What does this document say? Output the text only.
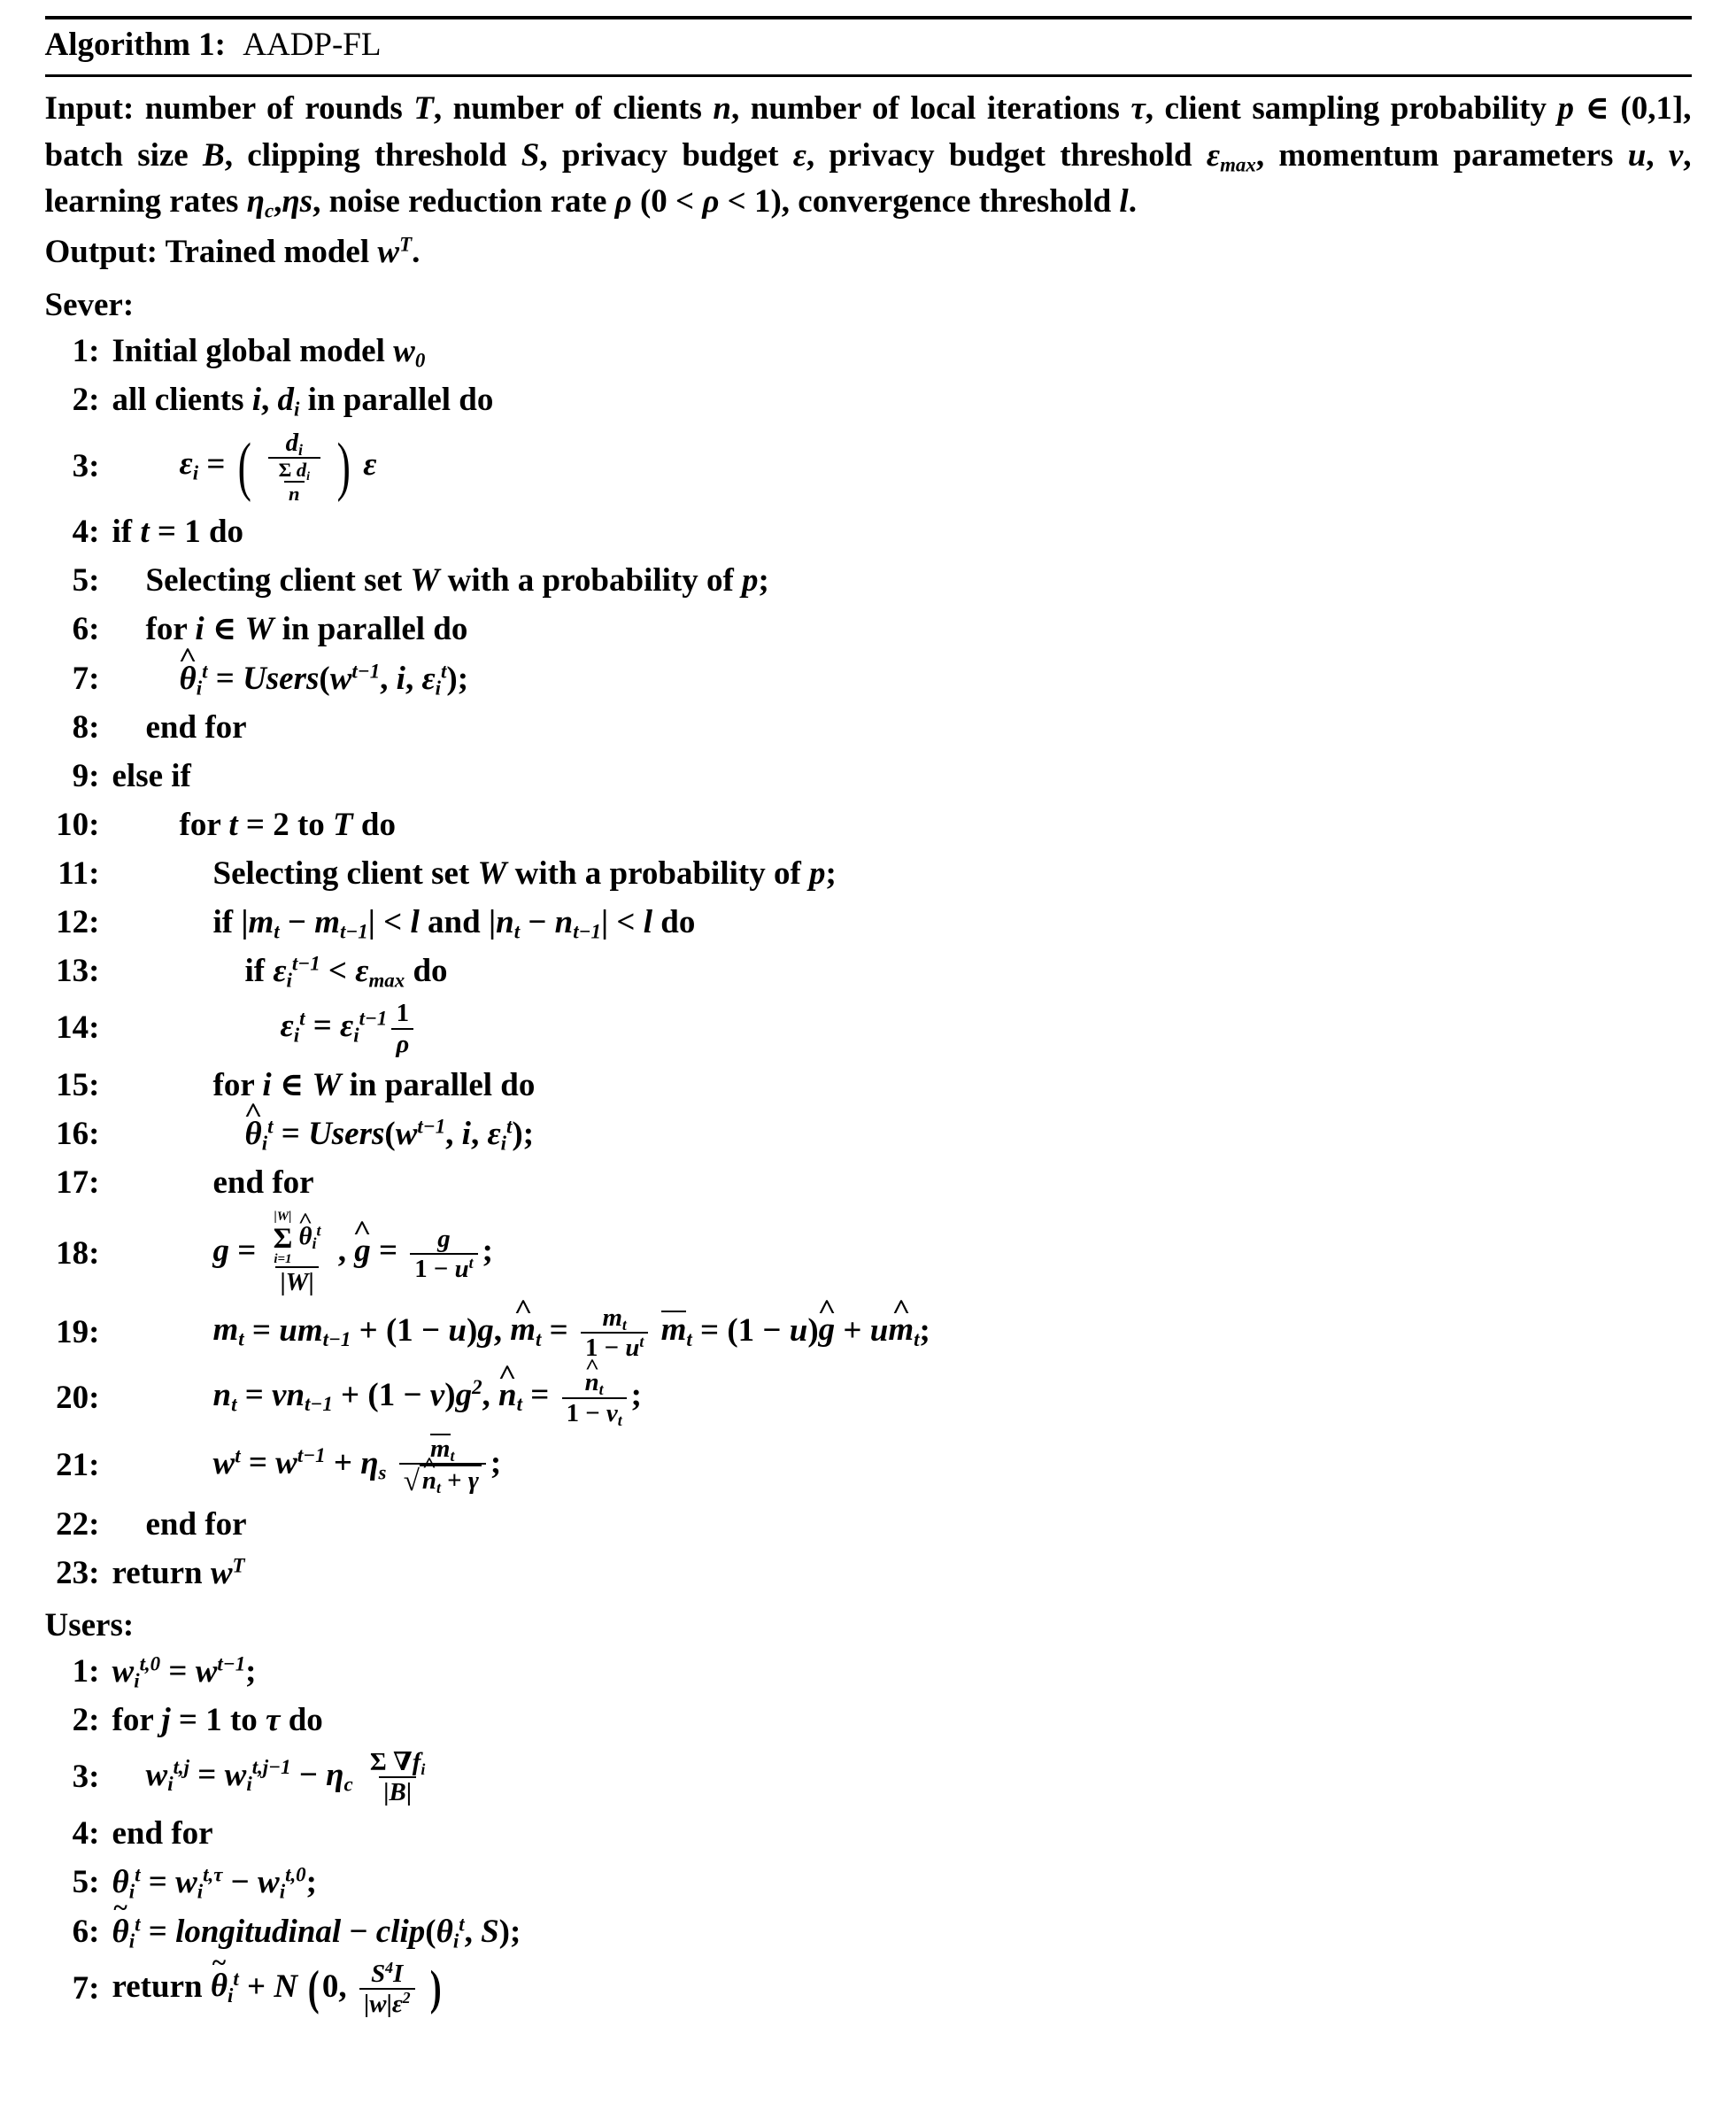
Algorithm 1: AADP-FL
Input: number of rounds T, number of clients n, number of local iterations τ, client sampling probability p ∈ (0,1], batch size B, clipping threshold S, privacy budget ε, privacy budget threshold $\varepsilon_{max}$, momentum parameters u, v, learning rates $\eta_c,\eta s$, noise reduction rate ρ (0 < ρ < 1), convergence threshold l.
Output: Trained model $w^T$.
Sever:
1: Initial global model $w_0$
2: all clients i, $d_i$ in parallel do
3:	$\varepsilon_i$ = ( $\frac{d_i}{\frac{\Sigma d_i}{n}}$ ) ε
4: if t = 1 do
5:	Selecting client set W with a probability of p;
6:	for i ∈ W in parallel do
7:	^ $\theta_i^t$ = $Users(w^{t-1}$, i, $\varepsilon_i^t$);
8:	end for
9: else if
10:	for t = 2 to T do
11:	Selecting client set W with a probability of p;
12:	if $|m_t - m_{t-1}| < l$ and $|n_t - n_{t-1}| < l$ do
13:	if $\varepsilon_i^{t-1} < \varepsilon_{max}$ do
14:	$\varepsilon_i^t = \varepsilon_i^{t-1} \frac{1}{\rho}$
15:	for i ∈ W in parallel do
16:	^ $\theta_i^t$ = $Users(w^{t-1}$, i, $\varepsilon_i^t$);
17:	end for
18:	g = |W|
Σ
i=1
^ $\theta_i^t$
|W| , ^ $g = \frac{g}{1 - u^t}$ ;
19:	$m_t = um_{t-1} + (1 - u)g$, ^ $m_t = \frac{m_t}{1 - u^t} m_t = (1$ − u)^ g + u^ $m_t$;
20:	$n_t = vn_{t-1} + (1 - v)g^2$, ^ $n_t$ = ^ $\frac{n_t}{1 - v_t}$ ;
21:	$w^t = w^{t-1} + \eta_s \frac{m_t}{√ \^{} n_t + \gamma}$ ;
22:	end for
23: return $w^T$
Users:
1: $w_i^{t,0} = w^{t-1}$;
2: for j = 1 to τ do
3:	$w_i^{t,j} = w_i^{t,j-1} - \eta_c \frac{\Sigma \nabla f_i}{|B|}$
4: end for
5: $\theta_i^t = w_i^{t,\tau} - w_i^{t,0}$;
6: ~ $\theta_i^t$ = longitudinal − $clip(\theta_i^t$, S);
7: return ~ $\theta_i^t + N$ (0, $\frac{S^4I}{|w|\varepsilon^2}$ )
